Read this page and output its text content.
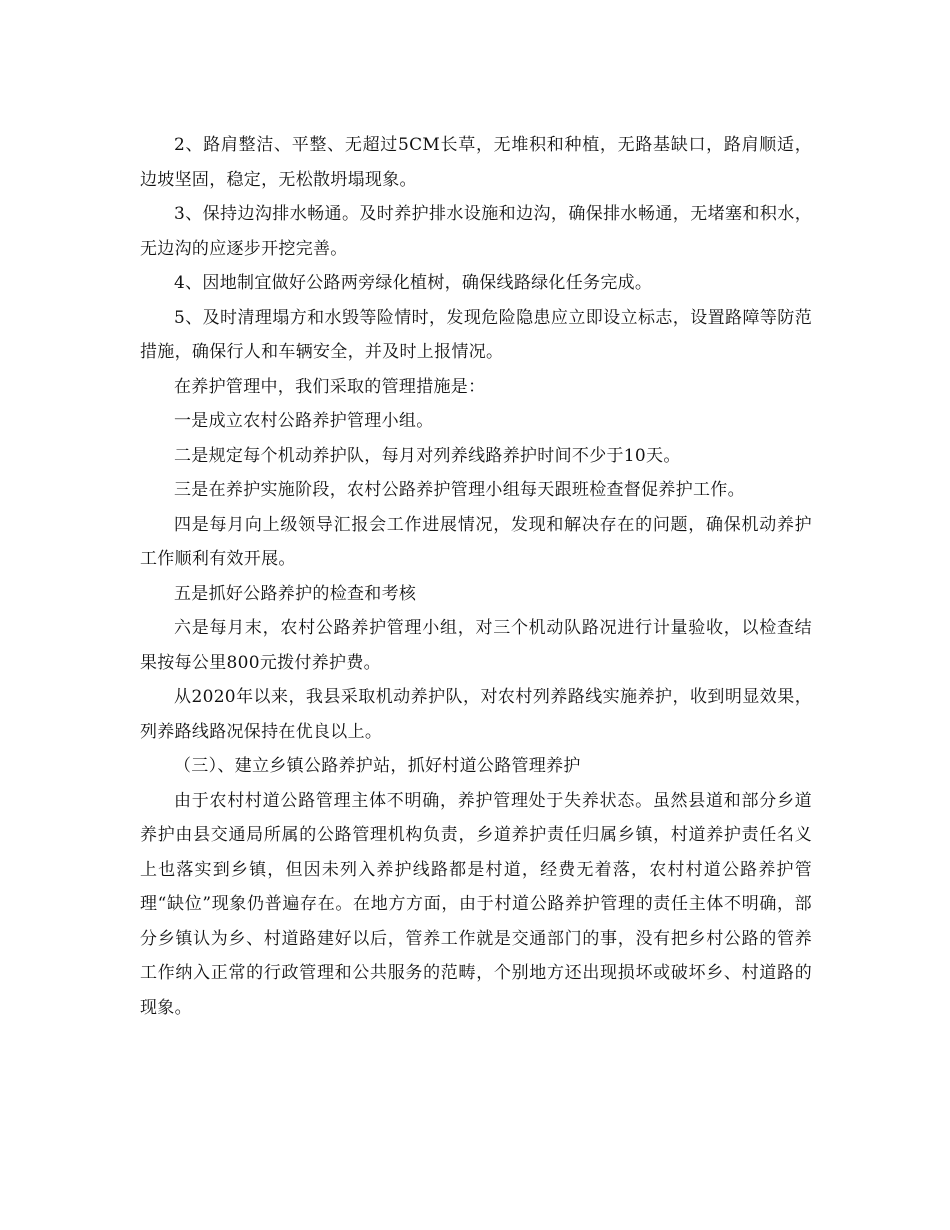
2、路肩整洁、平整、无超过5CM长草，无堆积和种植，无路基缺口，路肩顺适，边坡坚固，稳定，无松散坍塌现象。

3、保持边沟排水畅通。及时养护排水设施和边沟，确保排水畅通，无堵塞和积水，无边沟的应逐步开挖完善。

4、因地制宜做好公路两旁绿化植树，确保线路绿化任务完成。

5、及时清理塌方和水毁等险情时，发现危险隐患应立即设立标志，设置路障等防范措施，确保行人和车辆安全，并及时上报情况。

在养护管理中，我们采取的管理措施是：

一是成立农村公路养护管理小组。

二是规定每个机动养护队，每月对列养线路养护时间不少于10天。

三是在养护实施阶段，农村公路养护管理小组每天跟班检查督促养护工作。

四是每月向上级领导汇报会工作进展情况，发现和解决存在的问题，确保机动养护工作顺利有效开展。

五是抓好公路养护的检查和考核

六是每月末，农村公路养护管理小组，对三个机动队路况进行计量验收，以检查结果按每公里800元拨付养护费。

从2020年以来，我县采取机动养护队，对农村列养路线实施养护，收到明显效果，列养路线路况保持在优良以上。

（三）、建立乡镇公路养护站，抓好村道公路管理养护

由于农村村道公路管理主体不明确，养护管理处于失养状态。虽然县道和部分乡道养护由县交通局所属的公路管理机构负责，乡道养护责任归属乡镇，村道养护责任名义上也落实到乡镇，但因未列入养护线路都是村道，经费无着落，农村村道公路养护管理“缺位”现象仍普遍存在。在地方方面，由于村道公路养护管理的责任主体不明确，部分乡镇认为乡、村道路建好以后，管养工作就是交通部门的事，没有把乡村公路的管养工作纳入正常的行政管理和公共服务的范畴，个别地方还出现损坏或破坏乡、村道路的现象。
